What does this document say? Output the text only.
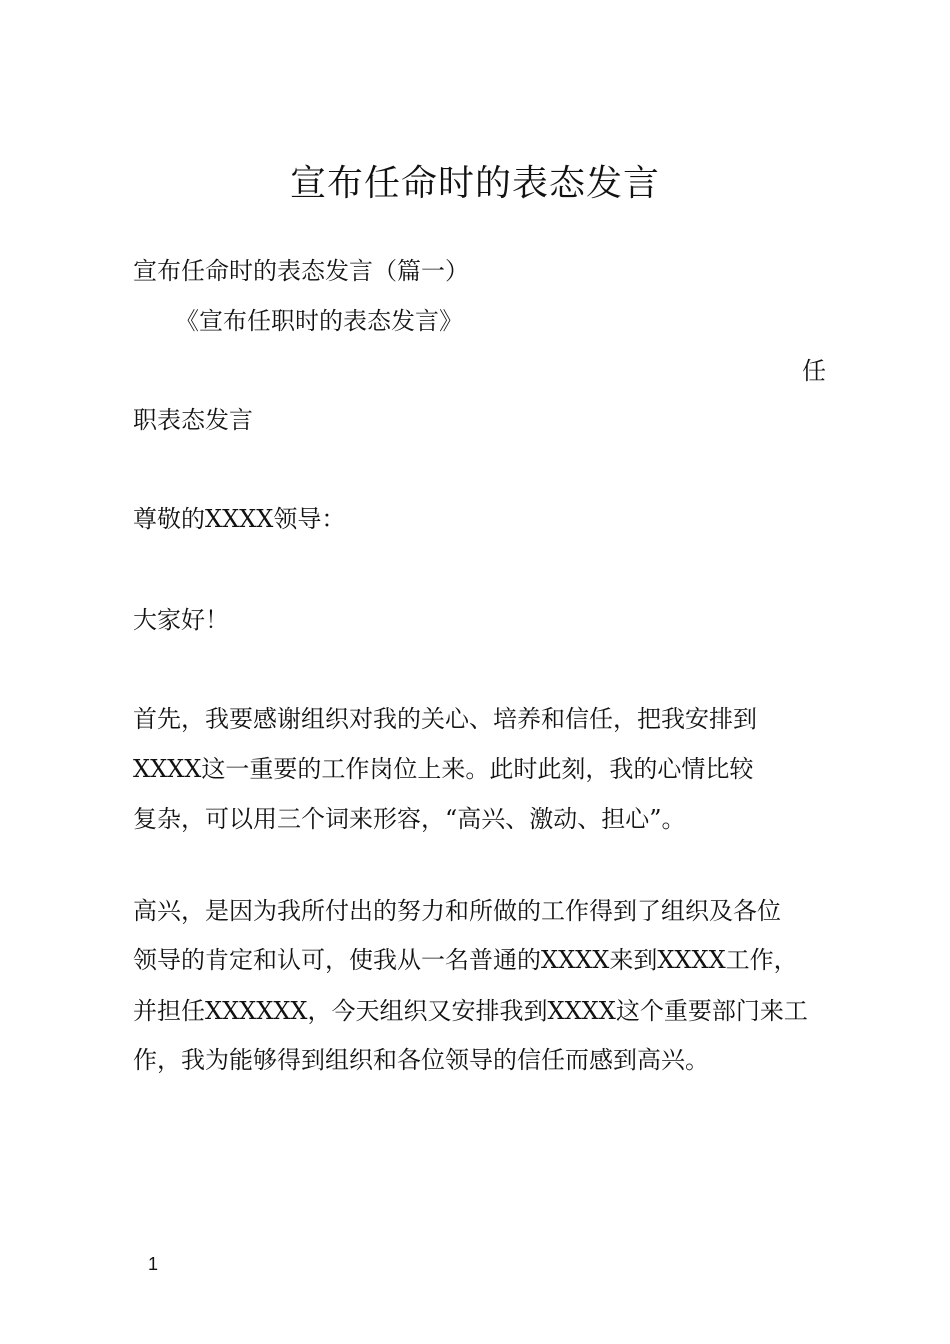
宣布任命时的表态发言
宣布任命时的表态发言（篇一）
《宣布任职时的表态发言》
任
职表态发言
尊敬的XXXX领导：
大家好！
首先，我要感谢组织对我的关心、培养和信任，把我安排到
XXXX这一重要的工作岗位上来。此时此刻，我的心情比较
复杂，可以用三个词来形容，“高兴、激动、担心”。
高兴，是因为我所付出的努力和所做的工作得到了组织及各位
领导的肯定和认可，使我从一名普通的XXXX来到XXXX工作，
并担任XXXXXX，今天组织又安排我到XXXX这个重要部门来工
作，我为能够得到组织和各位领导的信任而感到高兴。
1
